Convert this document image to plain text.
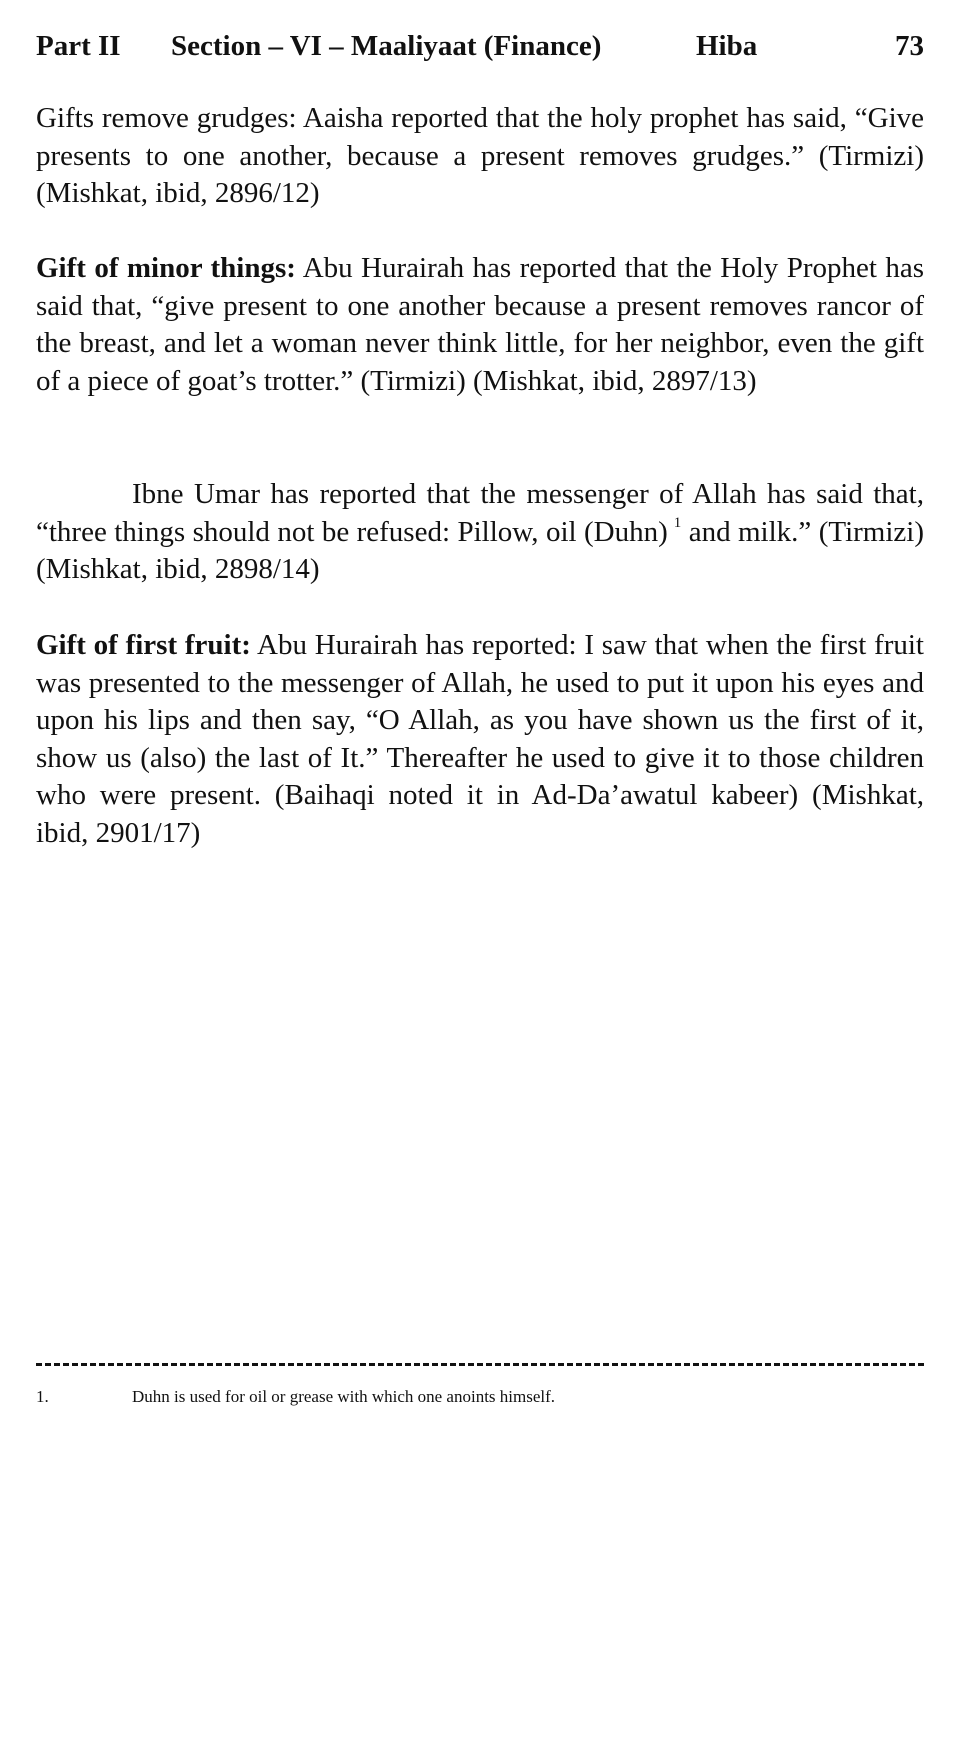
Part II Section – VI – Maaliyaat (Finance)	Hiba	73

Gifts remove grudges: Aaisha reported that the holy prophet has said, “Give presents to one another, because a present removes grudges.” (Tirmizi) (Mishkat, ibid, 2896/12)

Gift of minor things: Abu Hurairah has reported that the Holy Prophet has said that, “give present to one another because a present removes rancor of the breast, and let a woman never think little, for her neighbor, even the gift of a piece of goat’s trotter.” (Tirmizi) (Mishkat, ibid, 2897/13)

Ibne Umar has reported that the messenger of Allah has said that, “three things should not be refused: Pillow, oil (Duhn) $^1$ and milk.” (Tirmizi) (Mishkat, ibid, 2898/14)

Gift of first fruit: Abu Hurairah has reported: I saw that when the first fruit was presented to the messenger of Allah, he used to put it upon his eyes and upon his lips and then say, “O Allah, as you have shown us the first of it, show us (also) the last of It.” Thereafter he used to give it to those children who were present. (Baihaqi noted it in Ad-Da’awatul kabeer) (Mishkat, ibid, 2901/17)

1.	Duhn is used for oil or grease with which one anoints himself.
